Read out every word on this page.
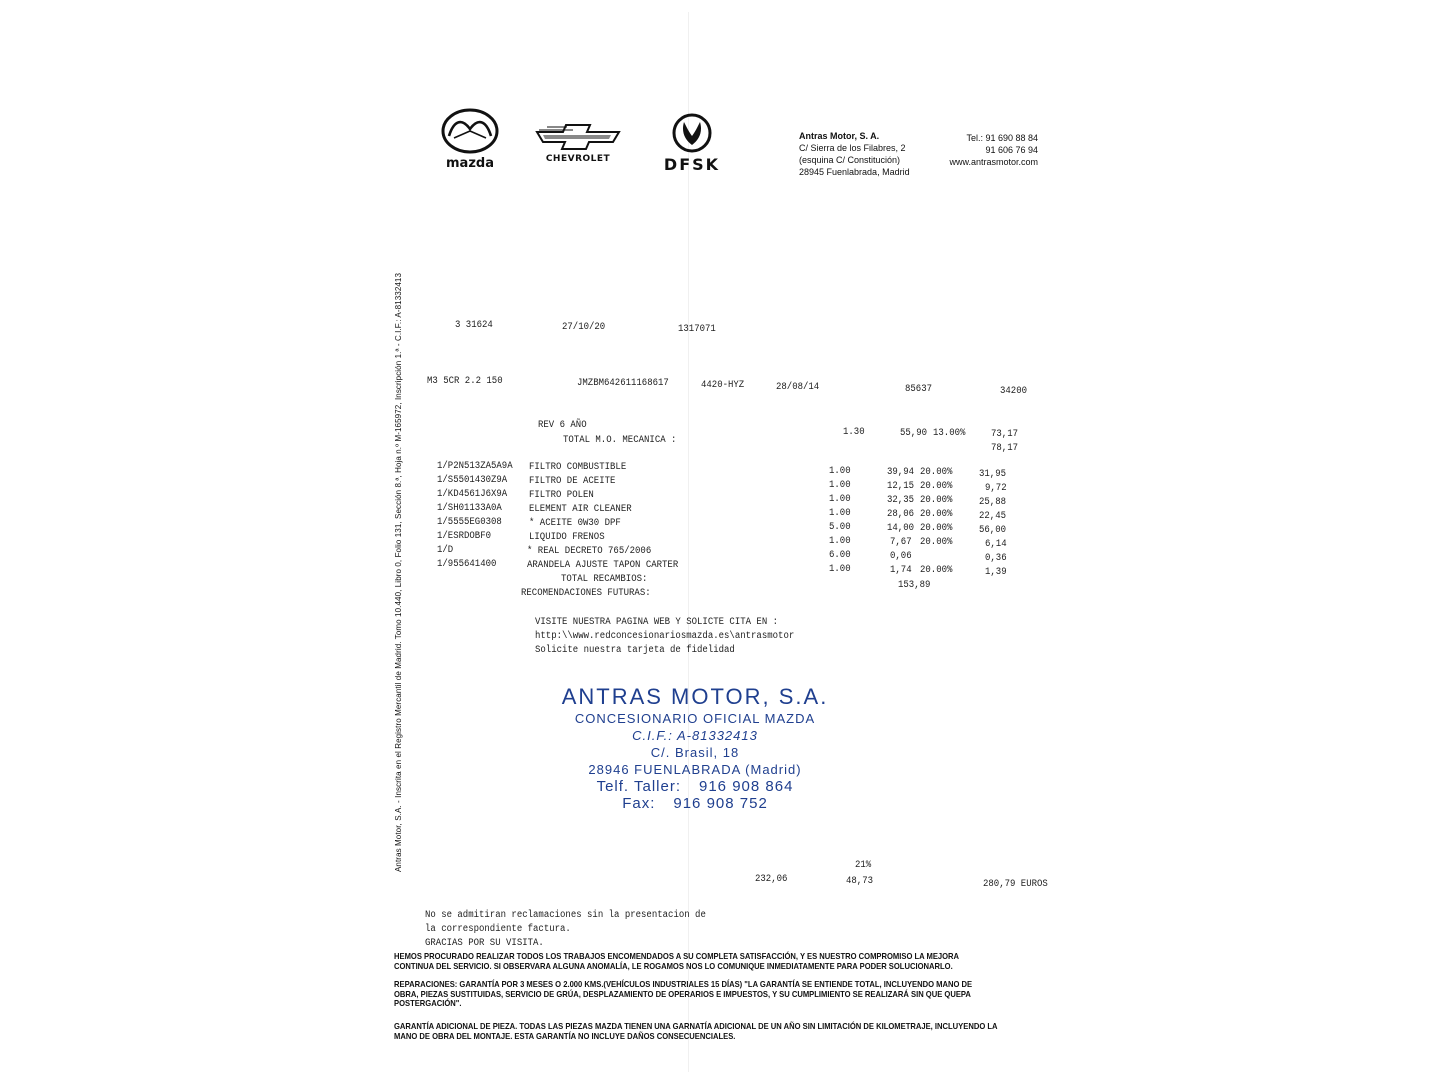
mazda	CHEVROLET	DFSK
Antras Motor, S. A.
C/ Sierra de los Filabres, 2
(esquina C/ Constitución)
28945 Fuenlabrada, Madrid
Tel.: 91 690 88 84
91 606 76 94
www.antrasmotor.com
Antras Motor, S.A. - Inscrita en el Registro Mercantil de Madrid. Tomo 10.440, Libro 0, Folio 131, Sección 8.ª, Hoja n.º M-165972, Inscripción 1.ª - C.I.F.: A-81332413	3 31624	27/10/20	1317071
M3 5CR 2.2 150	JMZBM642611168617	4420-HYZ	28/08/14	85637	34200
REV 6 AÑO
TOTAL M.O. MECANICA :
1.30	55,90 13.00%	73,17
78,17
1/P2N513ZA5A9A FILTRO COMBUSTIBLE	1.00	39,94 20.00%	31,95
1/S5501430Z9A FILTRO DE ACEITE	1.00	12,15 20.00%	9,72
1/KD4561J6X9A FILTRO POLEN	1.00	32,35 20.00%	25,88
1/SH01133A0A	ELEMENT AIR CLEANER	1.00	28,06 20.00%	22,45
1/5555EG0308	* ACEITE 0W30 DPF	5.00	14,00 20.00%	56,00
1/ESRDOBF0	LIQUIDO FRENOS	1.00	7,67 20.00%	6,14
1/D	* REAL DECRETO 765/2006	6.00	0,06	0,36
1/955641400	ARANDELA AJUSTE TAPON CARTER	1.00	1,74 20.00%	1,39
TOTAL RECAMBIOS:
153,89
RECOMENDACIONES FUTURAS:
VISITE NUESTRA PAGINA WEB Y SOLICTE CITA EN :
http:\\www.redconcesionariosmazda.es\antrasmotor
Solicite nuestra tarjeta de fidelidad
ANTRAS MOTOR, S.A.
CONCESIONARIO OFICIAL MAZDA
C.I.F.: A-81332413
C/. Brasil, 18
28946 FUENLABRADA (Madrid)
Telf. Taller: 916 908 864
Fax: 916 908 752
232,06
21%
48,73	280,79 EUROS
No se admitiran reclamaciones sin la presentacion de
la correspondiente factura.
GRACIAS POR SU VISITA.
HEMOS PROCURADO REALIZAR TODOS LOS TRABAJOS ENCOMENDADOS A SU COMPLETA SATISFACCIÓN, Y ES NUESTRO COMPROMISO LA MEJORA CONTINUA DEL SERVICIO. SI OBSERVARA ALGUNA ANOMALÍA, LE ROGAMOS NOS LO COMUNIQUE INMEDIATAMENTE PARA PODER SOLUCIONARLO.
REPARACIONES: GARANTÍA POR 3 MESES O 2.000 KMS.(VEHÍCULOS INDUSTRIALES 15 DÍAS) "LA GARANTÍA SE ENTIENDE TOTAL, INCLUYENDO MANO DE OBRA, PIEZAS SUSTITUIDAS, SERVICIO DE GRÚA, DESPLAZAMIENTO DE OPERARIOS E IMPUESTOS, Y SU CUMPLIMIENTO SE REALIZARÁ SIN QUE QUEPA POSTERGACIÓN".
GARANTÍA ADICIONAL DE PIEZA. TODAS LAS PIEZAS MAZDA TIENEN UNA GARNATÍA ADICIONAL DE UN AÑO SIN LIMITACIÓN DE KILOMETRAJE, INCLUYENDO LA MANO DE OBRA DEL MONTAJE. ESTA GARANTÍA NO INCLUYE DAÑOS CONSECUENCIALES.
